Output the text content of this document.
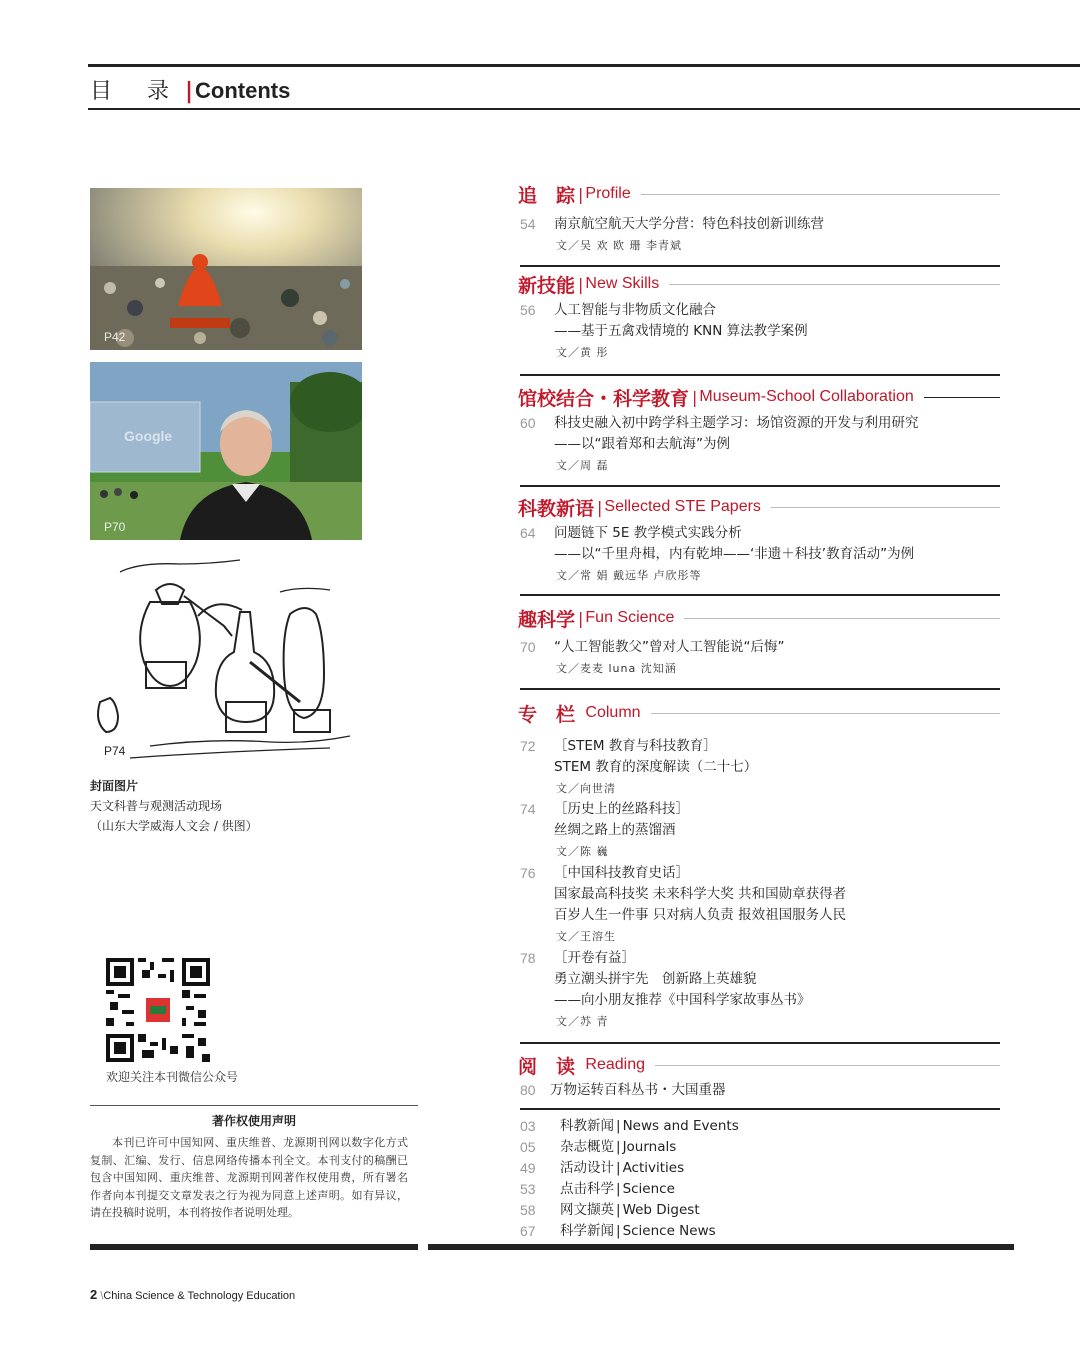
目 录|Contents
P42
Google
P70
P74
封面图片
天文科普与观测活动现场
（山东大学威海人文会 / 供图）
欢迎关注本刊微信公众号
著作权使用声明
本刊已许可中国知网、重庆维普、龙源期刊网以数字化方式复制、汇编、发行、信息网络传播本刊全文。本刊支付的稿酬已包含中国知网、重庆维普、龙源期刊网著作权使用费，所有署名作者向本刊提交文章发表之行为视为同意上述声明。如有异议，请在投稿时说明，本刊将按作者说明处理。
追　踪 | Profile
54 南京航空航天大学分营：特色科技创新训练营
文／吴 欢 欧 珊 李青斌
新技能 | New Skills
56 人工智能与非物质文化融合
——基于五禽戏情境的 KNN 算法教学案例
文／黄 彤
馆校结合・科学教育 | Museum-School Collaboration
60 科技史融入初中跨学科主题学习：场馆资源的开发与利用研究
——以“跟着郑和去航海”为例
文／周 磊
科教新语 | Sellected STE Papers
64 问题链下 5E 教学模式实践分析
——以“千里舟楫，内有乾坤——‘非遗＋科技’教育活动”为例
文／常 娟 戴远华 卢欣彤等
趣科学 | Fun Science
70 “人工智能教父”曾对人工智能说“后悔”
文／麦麦 luna 沈知涵
专　栏 Column
72 ［STEM 教育与科技教育］
STEM 教育的深度解读（二十七）
文／向世清
74 ［历史上的丝路科技］
丝绸之路上的蒸馏酒
文／陈 巍
76 ［中国科技教育史话］
国家最高科技奖 未来科学大奖 共和国勋章获得者
百岁人生一件事 只对病人负责 报效祖国服务人民
文／王溶生
78 ［开卷有益］
勇立潮头拼宇先　创新路上英雄貌
——向小朋友推荐《中国科学家故事丛书》
文／苏 青
阅　读 Reading
80 万物运转百科丛书・大国重器
03 科教新闻 | News and Events
05 杂志概览 | Journals
49 活动设计 | Activities
53 点击科学 | Science
58 网文撷英 | Web Digest
67 科学新闻 | Science News
2 \China Science & Technology Education
